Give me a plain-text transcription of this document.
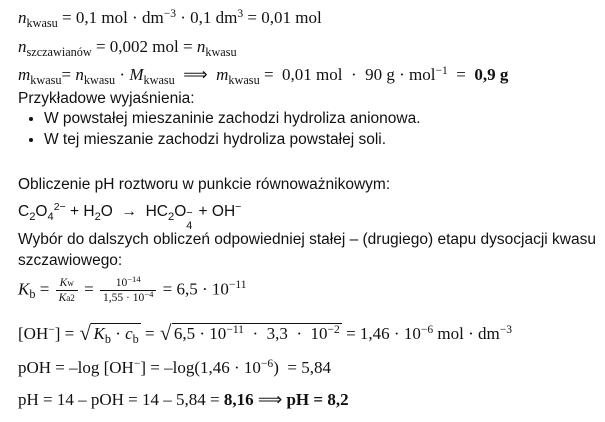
$n_{kwasu} = 0,1$ mol · $dm^{-3} \cdot 0,1$ $dm^3 = 0,01$ mol
$n_{szczawianów} = 0,002$ mol = $n_{kwasu}$
$m_{kwasu}= n_{kwasu} \cdot M_{kwasu}$  ⟹  $m_{kwasu} = 0,01$ mol  ·  90 g · mol$^{-1}$  =  0,9 g
Przykładowe wyjaśnienia:
• W powstałej mieszaninie zachodzi hydroliza anionowa.
• W tej mieszanie zachodzi hydroliza powstałej soli.
Obliczenie pH roztworu w punkcie równoważnikowym:
$C_2O_4^{2-} + H_2O \to HC_2O$ −
4
+ OH−
Wybór do dalszych obliczeń odpowiedniej stałej – (drugiego) etapu dysocjacji kwasu
szczawiowego:
$K_b = \frac{Kw}{Ka2} = \frac{10^{-14}}{1,55 \cdot 10^{-4}} = 6,5 \cdot 10^{-11}$
[OH−] = √ $K_b \cdot c_b$ = √ $6,5 \cdot 10^{-11} \cdot 3,3 \cdot 10^{-2} = 1,46 \cdot 10^{-6}$ mol · $dm^{-3}$
pOH = –log $[OH^-] = -\log(1,46 \cdot 10^{-6}) = 5,84$
pH = 14 – pOH = 14 – 5,84 = 8,16 ⟹ pH = 8,2
